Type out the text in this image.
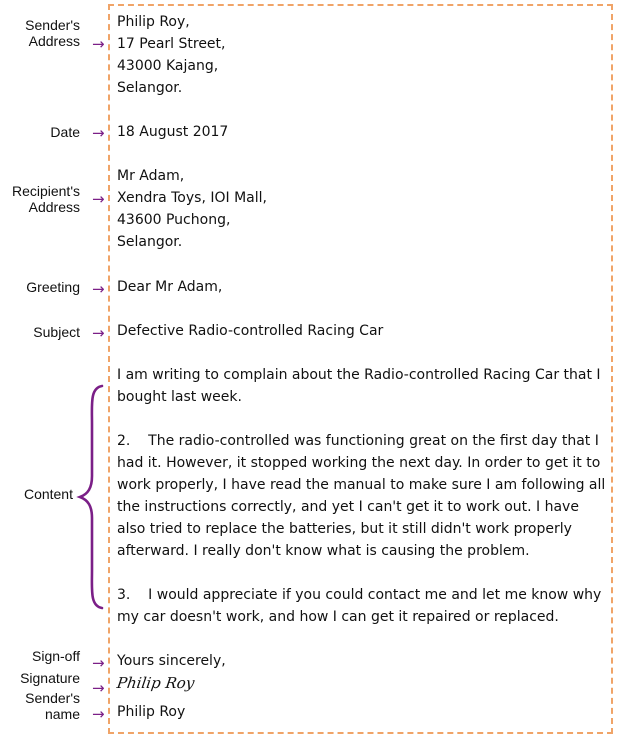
Sender's
Address
Date
Recipient's
Address
Greeting
Subject
Content
Sign-off
Signature
Sender's
name
→
→
→
→
→
→
→
→
Philip Roy,
17 Pearl Street,
43000 Kajang,
Selangor.
18 August 2017
Mr Adam,
Xendra Toys, IOI Mall,
43600 Puchong,
Selangor.
Dear Mr Adam,
Defective Radio-controlled Racing Car
I am writing to complain about the Radio-controlled Racing Car that I
bought last week.
2.    The radio-controlled was functioning great on the first day that I
had it. However, it stopped working the next day. In order to get it to
work properly, I have read the manual to make sure I am following all
the instructions correctly, and yet I can't get it to work out. I have
also tried to replace the batteries, but it still didn't work properly
afterward. I really don't know what is causing the problem.
3.    I would appreciate if you could contact me and let me know why
my car doesn't work, and how I can get it repaired or replaced.
Yours sincerely,
Philip Roy
Philip Roy
